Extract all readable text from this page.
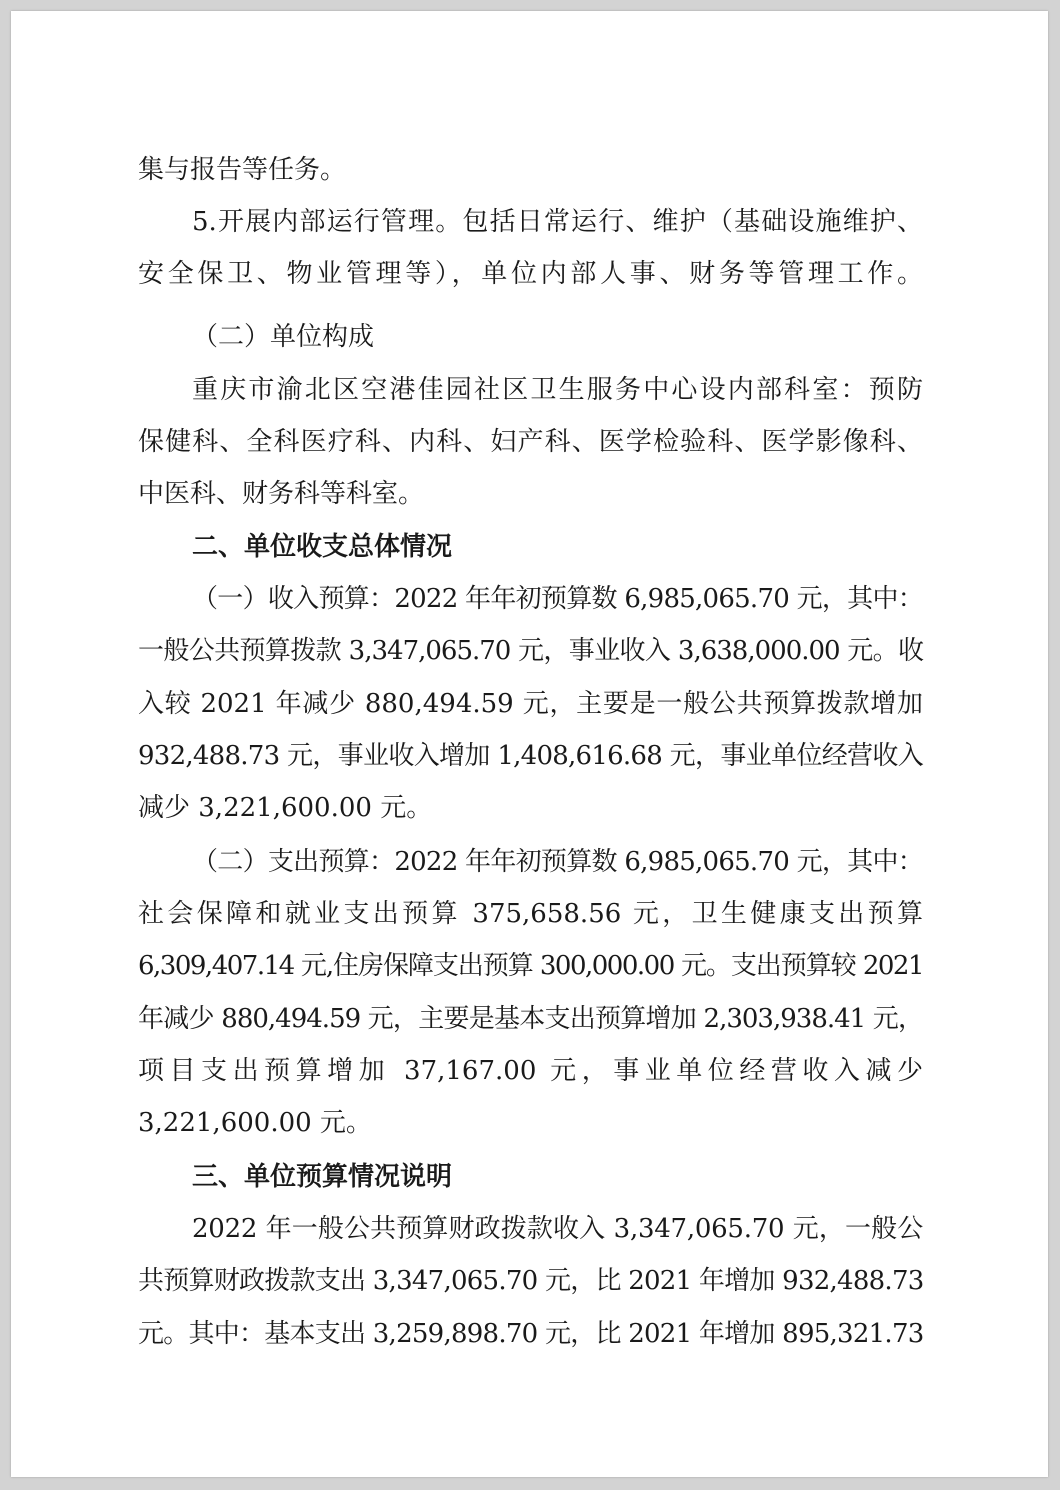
集与报告等任务。
5.开展内部运行管理。包括日常运行、维护（基础设施维护、
安全保卫、物业管理等），单位内部人事、财务等管理工作。
（二）单位构成
重庆市渝北区空港佳园社区卫生服务中心设内部科室：预防
保健科、全科医疗科、内科、妇产科、医学检验科、医学影像科、
中医科、财务科等科室。
二、单位收支总体情况
（一）收入预算：2022 年年初预算数 6,985,065.70 元，其中：
一般公共预算拨款 3,347,065.70 元，事业收入 3,638,000.00 元。收
入较 2021 年减少 880,494.59 元，主要是一般公共预算拨款增加
932,488.73 元，事业收入增加 1,408,616.68 元，事业单位经营收入
减少 3,221,600.00 元。
（二）支出预算：2022 年年初预算数 6,985,065.70 元，其中：
社会保障和就业支出预算 375,658.56 元，卫生健康支出预算
6,309,407.14 元,住房保障支出预算 300,000.00 元。支出预算较 2021
年减少 880,494.59 元，主要是基本支出预算增加 2,303,938.41 元，
项目支出预算增加 37,167.00 元，事业单位经营收入减少
3,221,600.00 元。
三、单位预算情况说明
2022 年一般公共预算财政拨款收入 3,347,065.70 元，一般公
共预算财政拨款支出 3,347,065.70 元，比 2021 年增加 932,488.73
元。其中：基本支出 3,259,898.70 元，比 2021 年增加 895,321.73
